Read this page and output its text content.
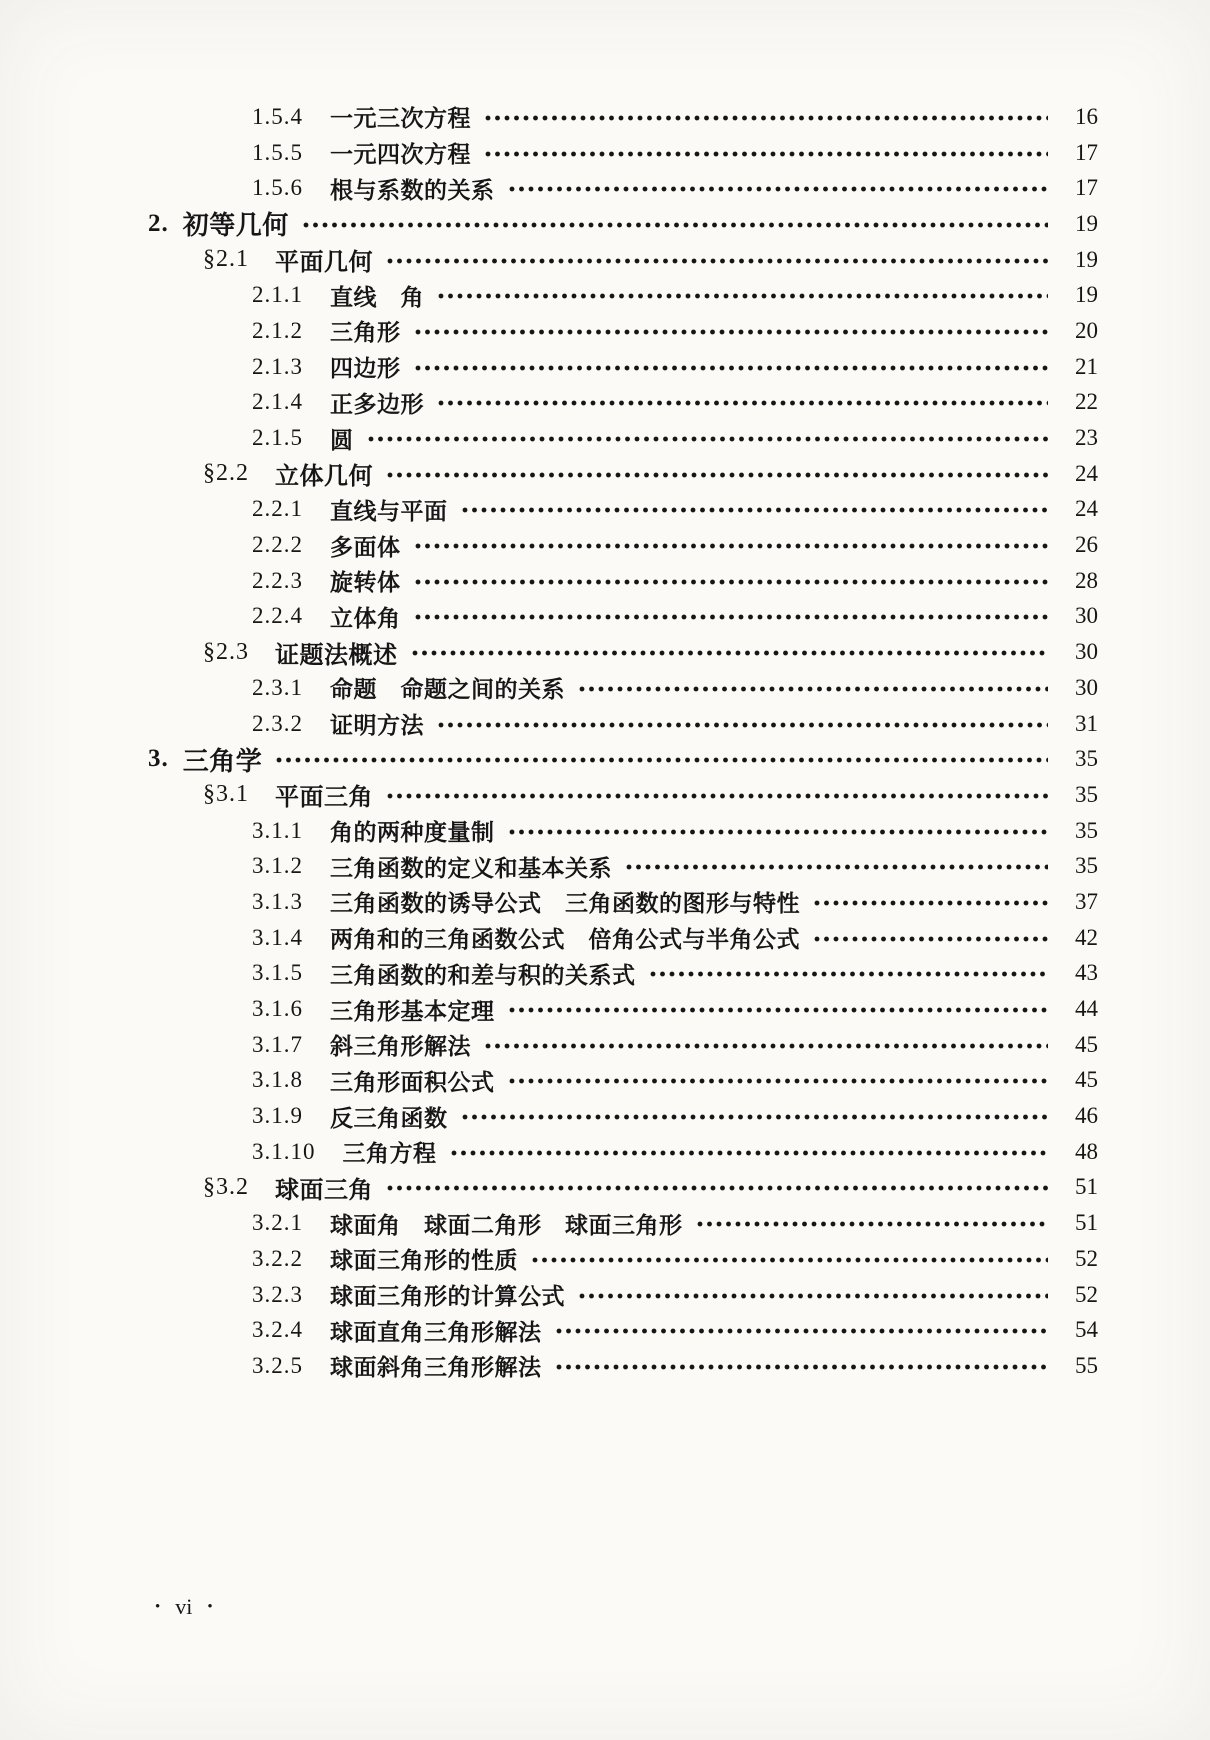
1.5.4 一元三次方程	16
1.5.5 一元四次方程	17
1.5.6 根与系数的关系	17
2. 初等几何	19
§2.1 平面几何	19
2.1.1 直线　角	19
2.1.2 三角形	20
2.1.3 四边形	21
2.1.4 正多边形	22
2.1.5 圆	23
§2.2 立体几何	24
2.2.1 直线与平面	24
2.2.2 多面体	26
2.2.3 旋转体	28
2.2.4 立体角	30
§2.3 证题法概述	30
2.3.1 命题　命题之间的关系	30
2.3.2 证明方法	31
3. 三角学	35
§3.1 平面三角	35
3.1.1 角的两种度量制	35
3.1.2 三角函数的定义和基本关系	35
3.1.3 三角函数的诱导公式　三角函数的图形与特性	37
3.1.4 两角和的三角函数公式　倍角公式与半角公式	42
3.1.5 三角函数的和差与积的关系式	43
3.1.6 三角形基本定理	44
3.1.7 斜三角形解法	45
3.1.8 三角形面积公式	45
3.1.9 反三角函数	46
3.1.10 三角方程	48
§3.2 球面三角	51
3.2.1 球面角　球面二角形　球面三角形	51
3.2.2 球面三角形的性质	52
3.2.3 球面三角形的计算公式	52
3.2.4 球面直角三角形解法	54
3.2.5 球面斜角三角形解法	55
• vi •
